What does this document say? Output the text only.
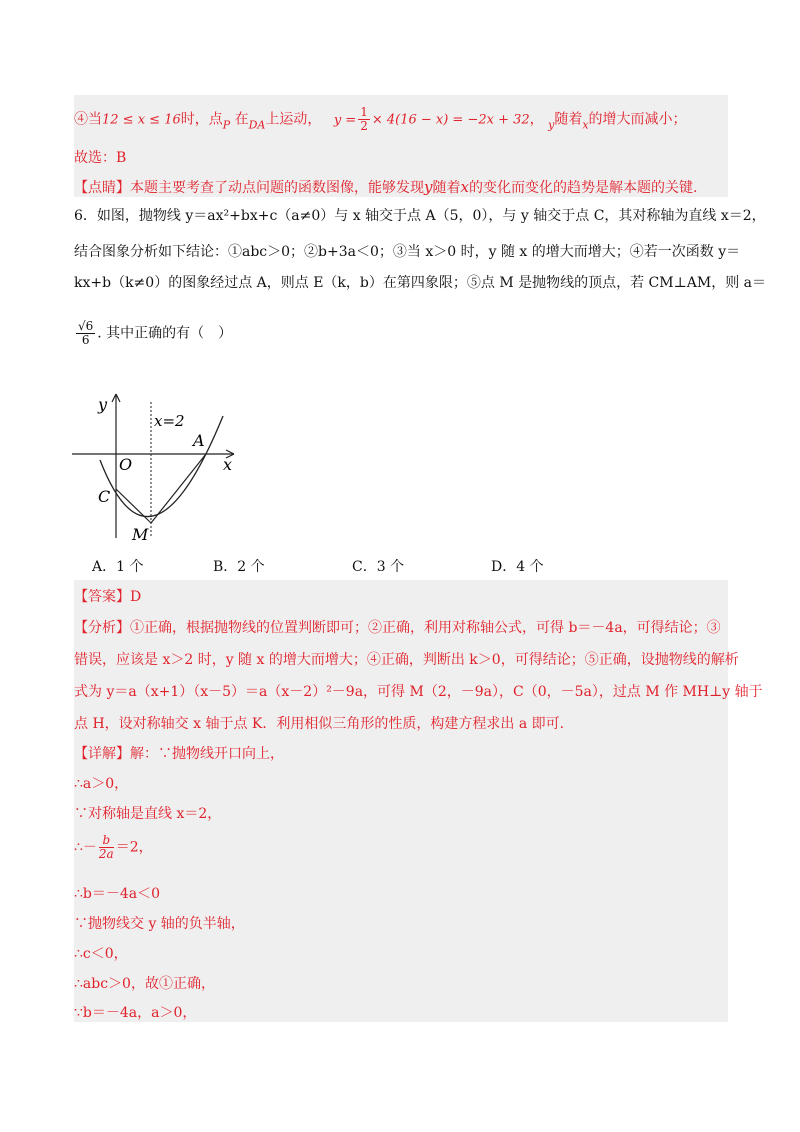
④当12 ≤ x ≤ 16时，点$_P$ 在$_{DA}$上运动， $y = \frac{1}{2} \times 4(16 - x) = -2x + 32$， $_y$随着$_x$的增大而减小；
故选：B
【点睛】本题主要考查了动点问题的函数图像，能够发现y随着x的变化而变化的趋势是解本题的关键.
6．如图，抛物线 y＝ax²+bx+c（a≠0）与 x 轴交于点 A（5，0），与 y 轴交于点 C，其对称轴为直线 x＝2，
结合图象分析如下结论：①abc＞0；②b+3a＜0；③当 x＞0 时，y 随 x 的增大而增大；④若一次函数 y＝
kx+b（k≠0）的图象经过点 A，则点 E（k，b）在第四象限；⑤点 M 是抛物线的顶点，若 CM⊥AM，则 a＝
$\frac{√6}{6}$ . 其中正确的有（　）
y
x
x=2
A
O
C
M
A．1 个	B．2 个	C．3 个	D．4 个
【答案】D
【分析】①正确，根据抛物线的位置判断即可；②正确，利用对称轴公式，可得 b＝－4a，可得结论；③
错误，应该是 x＞2 时，y 随 x 的增大而增大；④正确，判断出 k＞0，可得结论；⑤正确，设抛物线的解析
式为 y＝a（x+1）（x－5）＝a（x－2）²－9a，可得 M（2，－9a），C（0，－5a），过点 M 作 MH⊥y 轴于
点 H，设对称轴交 x 轴于点 K．利用相似三角形的性质，构建方程求出 a 即可.
【详解】解：∵抛物线开口向上，
∴a＞0，
∵对称轴是直线 x＝2，
∴－ $\frac{b}{2a} =2$，
∴b＝－4a＜0
∵抛物线交 y 轴的负半轴，
∴c＜0，
∴abc＞0，故①正确，
∵b＝－4a，a＞0，
